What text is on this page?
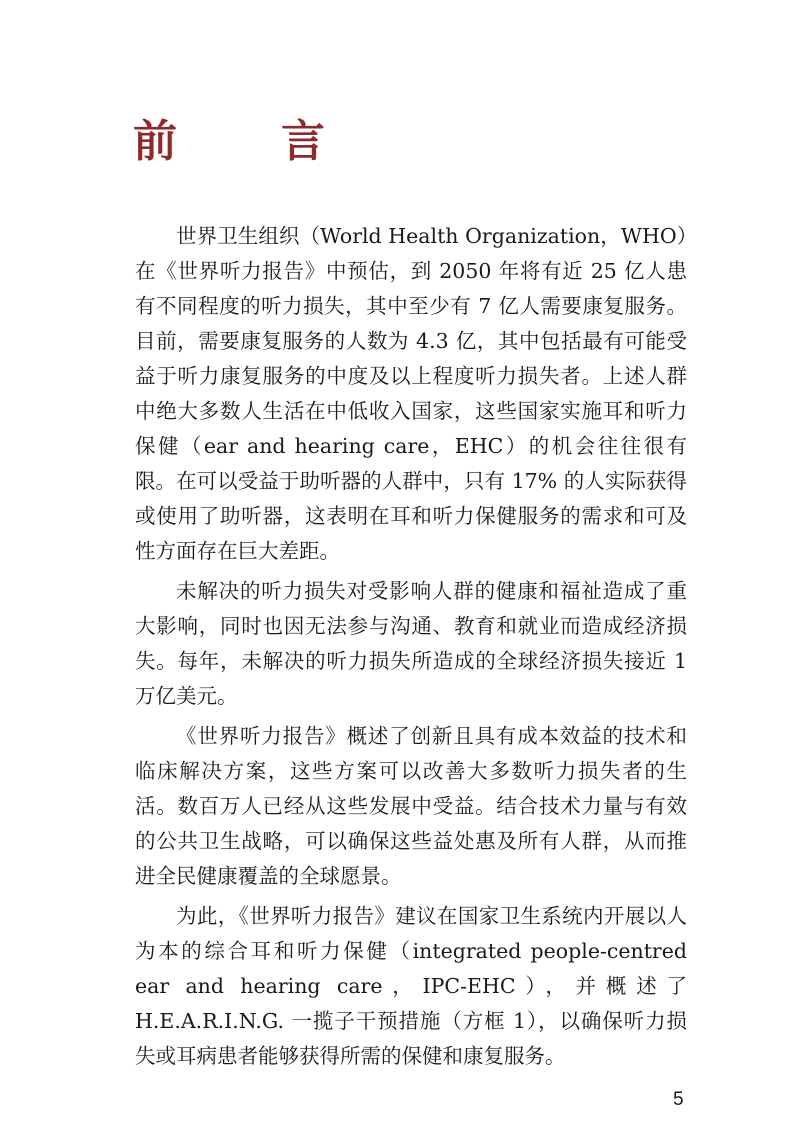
前　言

世界卫生组织（World Health Organization，WHO）在《世界听力报告》中预估，到 2050 年将有近 25 亿人患有不同程度的听力损失，其中至少有 7 亿人需要康复服务。目前，需要康复服务的人数为 4.3 亿，其中包括最有可能受益于听力康复服务的中度及以上程度听力损失者。上述人群中绝大多数人生活在中低收入国家，这些国家实施耳和听力保健（ear and hearing care，EHC）的机会往往很有限。在可以受益于助听器的人群中，只有 17% 的人实际获得或使用了助听器，这表明在耳和听力保健服务的需求和可及性方面存在巨大差距。

未解决的听力损失对受影响人群的健康和福祉造成了重大影响，同时也因无法参与沟通、教育和就业而造成经济损失。每年，未解决的听力损失所造成的全球经济损失接近 1 万亿美元。

《世界听力报告》概述了创新且具有成本效益的技术和临床解决方案，这些方案可以改善大多数听力损失者的生活。数百万人已经从这些发展中受益。结合技术力量与有效的公共卫生战略，可以确保这些益处惠及所有人群，从而推进全民健康覆盖的全球愿景。

为此，《世界听力报告》建议在国家卫生系统内开展以人为本的综合耳和听力保健（integrated people-centred ear and hearing care，IPC-EHC），并概述了 H.E.A.R.I.N.G. 一揽子干预措施（方框 1），以确保听力损失或耳病患者能够获得所需的保健和康复服务。

5
